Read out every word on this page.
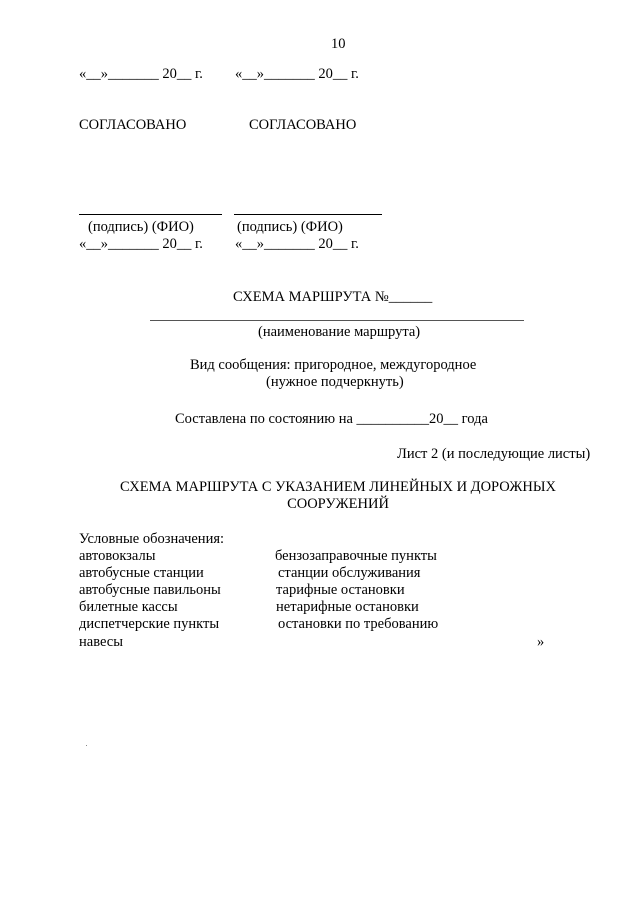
10
«__»_______ 20__ г. «__»_______ 20__ г.
СОГЛАСОВАНО	СОГЛАСОВАНО
(подпись) (ФИО)	(подпись) (ФИО)
«__»_______ 20__ г. «__»_______ 20__ г.
СХЕМА МАРШРУТА №______
(наименование маршрута)
Вид сообщения: пригородное, междугородное
(нужное подчеркнуть)
Составлена по состоянию на __________20__ года
Лист 2 (и последующие листы)
СХЕМА МАРШРУТА С УКАЗАНИЕМ ЛИНЕЙНЫХ И ДОРОЖНЫХ
СООРУЖЕНИЙ
Условные обозначения:
автовокзалы
автобусные станции
автобусные павильоны
билетные кассы
диспетчерские пункты
навесы
бензозаправочные пункты
станции обслуживания
тарифные остановки
нетарифные остановки
остановки по требованию
»
